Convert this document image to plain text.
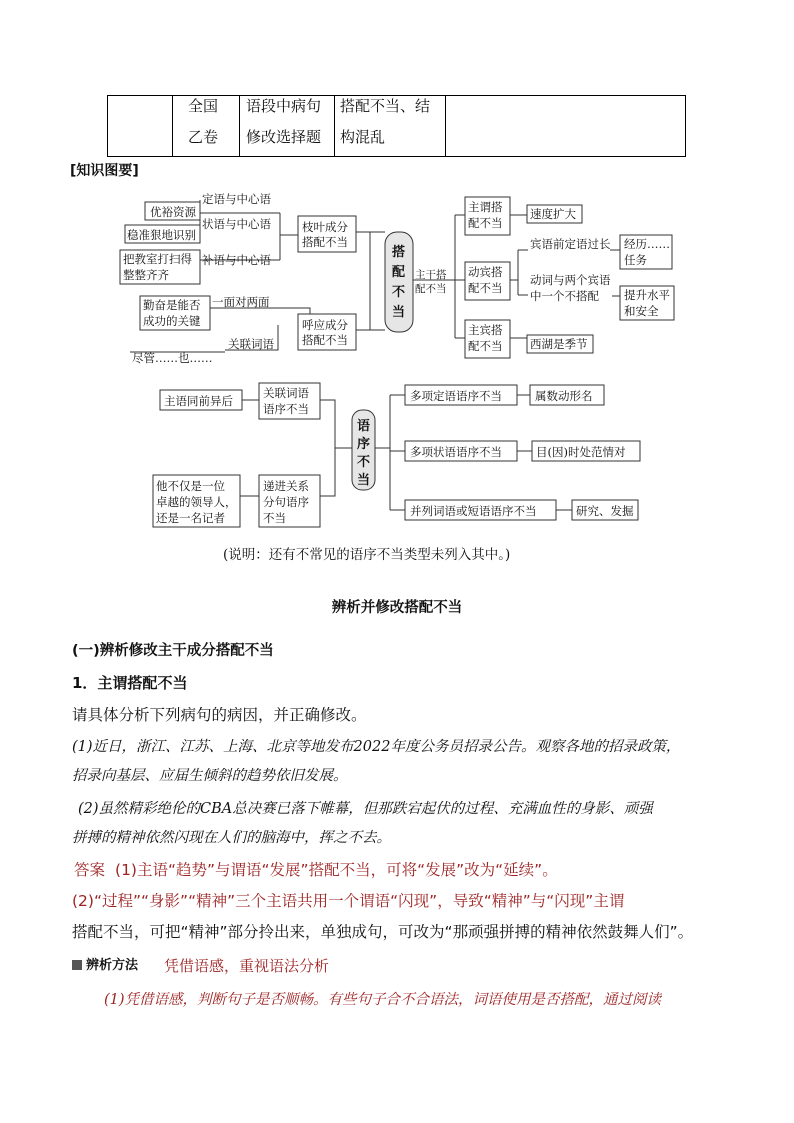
全国 语段中病句 搭配不当、结
乙卷 修改选择题 构混乱
[知识图要]
定语与中心语
优裕资源
状语与中心语
稳准狠地识别
补语与中心语
把教室打扫得
整整齐齐
枝叶成分
搭配不当
一面对两面
勤奋是能否
成功的关键
关联词语
尽管……也……
呼应成分
搭配不当
主谓搭
配不当
动宾搭
配不当
主宾搭
配不当
速度扩大
宾语前定语过长 经历……
任务
动词与两个宾语
中一个不搭配 提升水平
和安全
西湖是季节
主干搭
配不当
搭
配
不
当
主语同前异后
关联词语
语序不当
他不仅是一位
卓越的领导人，
还是一名记者
递进关系
分句语序
不当
多项定语语序不当	属数动形名
多项状语语序不当	目(因)时处范情对
并列词语或短语语序不当	研究、发掘
语
序
不
当
(说明：还有不常见的语序不当类型未列入其中。)
辨析并修改搭配不当
(一)辨析修改主干成分搭配不当
1．主谓搭配不当
请具体分析下列病句的病因，并正确修改。
(1)近日，浙江、江苏、上海、北京等地发布2022年度公务员招录公告。观察各地的招录政策，
招录向基层、应届生倾斜的趋势依旧发展。
(2)虽然精彩绝伦的CBA总决赛已落下帷幕，但那跌宕起伏的过程、充满血性的身影、顽强
拼搏的精神依然闪现在人们的脑海中，挥之不去。
答案 (1)主语“趋势”与谓语“发展”搭配不当，可将“发展”改为“延续”。
(2)“过程”“身影”“精神”三个主语共用一个谓语“闪现”，导致“精神”与“闪现”主谓
搭配不当，可把“精神”部分拎出来，单独成句，可改为“那顽强拼搏的精神依然鼓舞人们”。
辨析方法 凭借语感，重视语法分析
(1)凭借语感，判断句子是否顺畅。有些句子合不合语法，词语使用是否搭配，通过阅读
